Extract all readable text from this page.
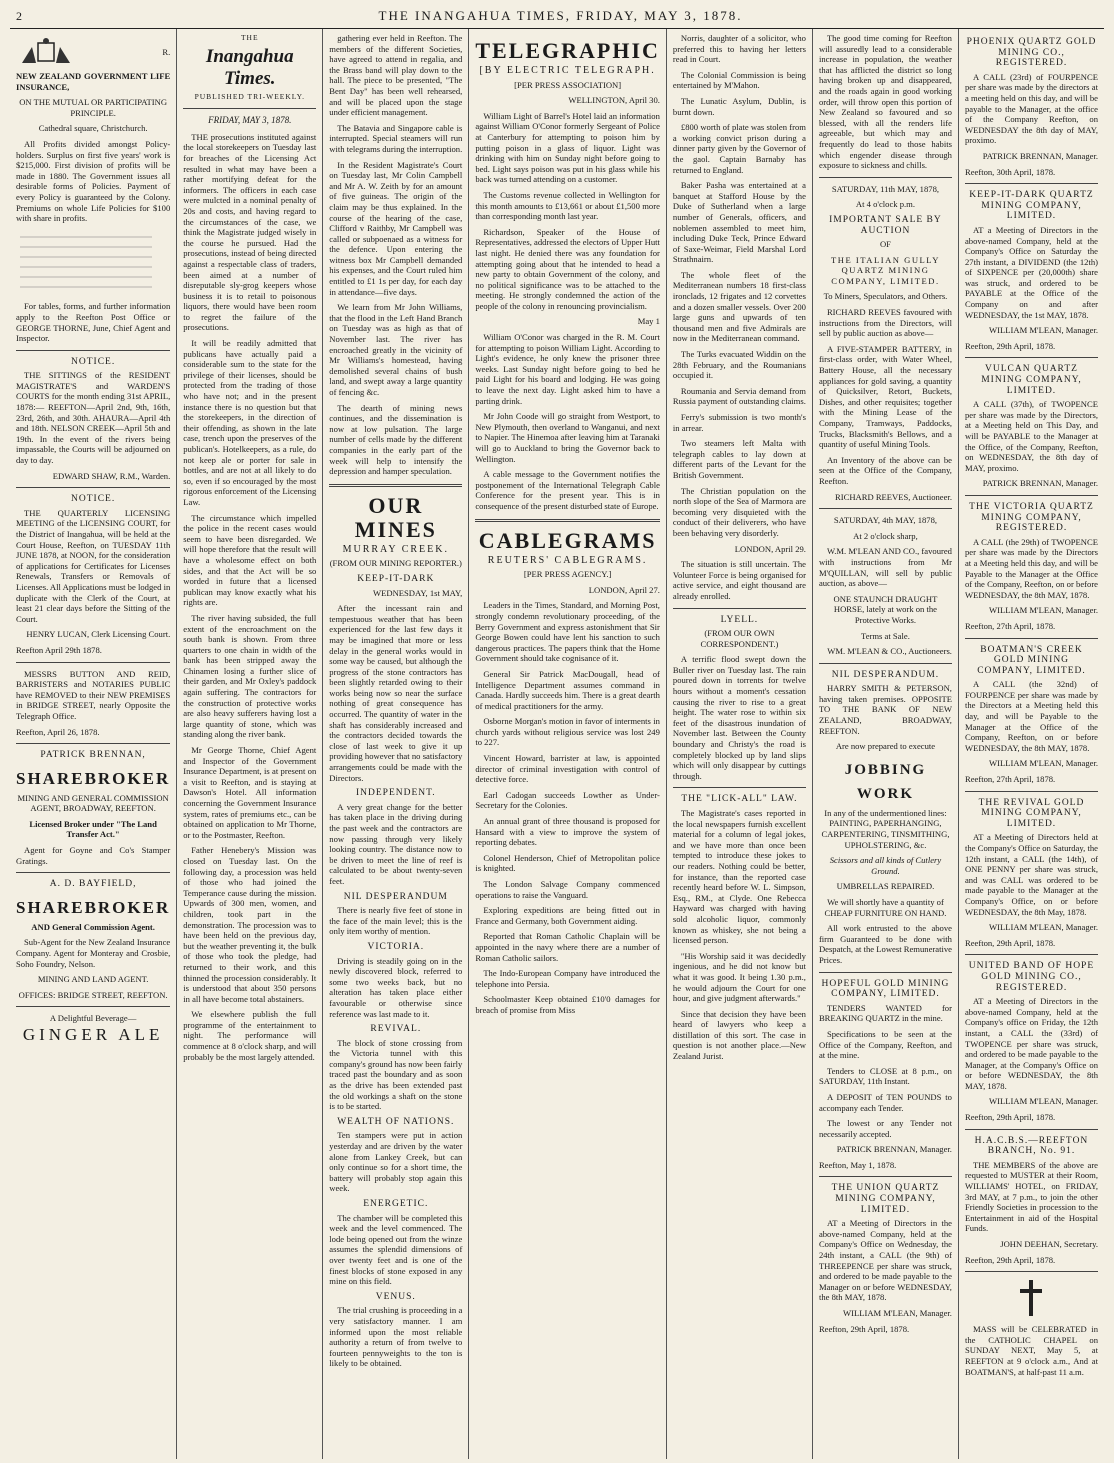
2	THE INANGAHUA TIMES, FRIDAY, MAY 3, 1878.
R.

NEW ZEALAND GOVERNMENT LIFE INSURANCE,

ON THE MUTUAL OR PARTICIPATING PRINCIPLE.

Cathedral square, Christchurch.

All Profits divided amongst Policy-holders. Surplus on first five years' work is $215,000. First division of profits will be made in 1880. The Government issues all desirable forms of Policies. Payment of every Policy is guaranteed by the Colony. Premiums on whole Life Policies for $100 with share in profits.

For tables, forms, and further information apply to the Reefton Post Office or GEORGE THORNE, June, Chief Agent and Inspector.

NOTICE.

THE SITTINGS of the RESIDENT MAGISTRATE'S and WARDEN'S COURTS for the month ending 31st APRIL, 1878:— REEFTON—April 2nd, 9th, 16th, 23rd, 26th, and 30th. AHAURA—April 4th and 18th. NELSON CREEK—April 5th and 19th. In the event of the rivers being impassable, the Courts will be adjourned on day to day.

EDWARD SHAW, R.M., Warden.

NOTICE.

THE QUARTERLY LICENSING MEETING of the LICENSING COURT, for the District of Inangahua, will be held at the Court House, Reefton, on TUESDAY 11th JUNE 1878, at NOON, for the consideration of applications for Certificates for Licenses Renewals, Transfers or Removals of Licenses. All Applications must be lodged in duplicate with the Clerk of the Court, at least 21 clear days before the Sitting of the Court.

HENRY LUCAN, Clerk Licensing Court.

Reefton April 29th 1878.

MESSRS BUTTON AND REID, BARRISTERS and NOTARIES PUBLIC have REMOVED to their NEW PREMISES in BRIDGE STREET, nearly Opposite the Telegraph Office.

Reefton, April 26, 1878.

PATRICK BRENNAN,
SHAREBROKER

MINING AND GENERAL COMMISSION AGENT, BROADWAY, REEFTON.

Licensed Broker under "The Land Transfer Act."

Agent for Goyne and Co's Stamper Gratings.

A. D. BAYFIELD,
SHAREBROKER

AND General Commission Agent.

Sub-Agent for the New Zealand Insurance Company. Agent for Monteray and Crosbie, Soho Foundry, Nelson.

MINING AND LAND AGENT.

OFFICES: BRIDGE STREET, REEFTON.

A Delightful Beverage—

GINGER ALE
THE
Inangahua Times.
PUBLISHED TRI-WEEKLY.
FRIDAY, MAY 3, 1878.

THE prosecutions instituted against the local storekeepers on Tuesday last for breaches of the Licensing Act resulted in what may have been a rather mortifying defeat for the informers. The officers in each case were mulcted in a nominal penalty of 20s and costs, and having regard to the circumstances of the case, we think the Magistrate judged wisely in the course he pursued. Had the prosecutions, instead of being directed against a respectable class of traders, been aimed at a number of disreputable sly-grog keepers whose business it is to retail to poisonous liquors, there would have been room to regret the failure of the prosecutions.

It will be readily admitted that publicans have actually paid a considerable sum to the state for the privilege of their licenses, should be protected from the trading of those who have not; and in the present instance there is no question but that the storekeepers, in the direction of their offending, as shown in the late case, trench upon the preserves of the publican's. Hotelkeepers, as a rule, do not keep ale or porter for sale in bottles, and are not at all likely to do so, even if so encouraged by the most rigorous enforcement of the Licensing Law.

The circumstance which impelled the police in the recent cases would seem to have been disregarded. We will hope therefore that the result will have a wholesome effect on both sides, and that the Act will be so worded in future that a licensed publican may know exactly what his rights are.

The river having subsided, the full extent of the encroachment on the south bank is shown. From three quarters to one chain in width of the bank has been stripped away the Chinamen losing a further slice of their garden, and Mr Oxley's paddock again suffering. The contractors for the construction of protective works are also heavy sufferers having lost a large quantity of stone, which was standing along the river bank.

Mr George Thorne, Chief Agent and Inspector of the Government Insurance Department, is at present on a visit to Reefton, and is staying at Dawson's Hotel. All information concerning the Government Insurance system, rates of premiums etc., can be obtained on application to Mr Thorne, or to the Postmaster, Reefton.

Father Henebery's Mission was closed on Tuesday last. On the following day, a procession was held of those who had joined the Temperance cause during the mission. Upwards of 300 men, women, and children, took part in the demonstration. The procession was to have been held on the previous day, but the weather preventing it, the bulk of those who took the pledge, had returned to their work, and this thinned the procession considerably. It is understood that about 350 persons in all have become total abstainers.

We elsewhere publish the full programme of the entertainment to night. The performance will commence at 8 o'clock sharp, and will probably be the most largely attended.

gathering ever held in Reefton. The members of the different Societies, have agreed to attend in regalia, and the Brass band will play down to the hall. The piece to be presented, "The Bent Day" has been well rehearsed, and will be placed upon the stage under efficient management.

The Batavia and Singapore cable is interrupted. Special steamers will run with telegrams during the interruption.

In the Resident Magistrate's Court on Tuesday last, Mr Colin Campbell and Mr A. W. Zeith by for an amount of five guineas. The origin of the claim may be thus explained. In the course of the hearing of the case, Clifford v Raithby, Mr Campbell was called or subpoenaed as a witness for the defence. Upon entering the witness box Mr Campbell demanded his expenses, and the Court ruled him entitled to £1 1s per day, for each day in attendance—five days.

We learn from Mr John Williams, that the flood in the Left Hand Branch on Tuesday was as high as that of November last. The river has encroached greatly in the vicinity of Mr Williams's homestead, having demolished several chains of bush land, and swept away a large quantity of fencing &c.

The dearth of mining news continues, and the dissemination is now at low pulsation. The large number of cells made by the different companies in the early part of the week will help to intensify the depression and hamper speculation.

OUR MINES
MURRAY CREEK.

(FROM OUR MINING REPORTER.)

KEEP-IT-DARK

WEDNESDAY, 1st MAY,

After the incessant rain and tempestuous weather that has been experienced for the last few days it may be imagined that more or less delay in the general works would in some way be caused, but although the progress of the stone contractors has been slightly retarded owing to their works being now so near the surface nothing of great consequence has occurred. The quantity of water in the shaft has considerably increased and the contractors decided towards the close of last week to give it up providing however that no satisfactory arrangements could be made with the Directors.

INDEPENDENT.

A very great change for the better has taken place in the driving during the past week and the contractors are now passing through very likely looking country. The distance now to be driven to meet the line of reef is calculated to be about twenty-seven feet.

NIL DESPERANDUM

There is nearly five feet of stone in the face of the main level; this is the only item worthy of mention.

VICTORIA.

Driving is steadily going on in the newly discovered block, referred to some two weeks back, but no alteration has taken place either favourable or otherwise since reference was last made to it.

REVIVAL.

The block of stone crossing from the Victoria tunnel with this company's ground has now been fairly traced past the boundary and as soon as the drive has been extended past the old workings a shaft on the stone is to be started.

WEALTH OF NATIONS.

Ten stampers were put in action yesterday and are driven by the water alone from Lankey Creek, but can only continue so for a short time, the battery will probably stop again this week.

ENERGETIC.

The chamber will be completed this week and the level commenced. The lode being opened out from the winze assumes the splendid dimensions of over twenty feet and is one of the finest blocks of stone exposed in any mine on this field.

VENUS.

The trial crushing is proceeding in a very satisfactory manner. I am informed upon the most reliable authority a return of from twelve to fourteen pennyweights to the ton is likely to be obtained.

TELEGRAPHIC
[BY ELECTRIC TELEGRAPH.

[PER PRESS ASSOCIATION]

WELLINGTON, April 30.

William Light of Barrel's Hotel laid an information against William O'Conor formerly Sergeant of Police at Canterbury for attempting to poison him by putting poison in a glass of liquor. Light was drinking with him on Sunday night before going to bed. Light says poison was put in his glass while his back was turned attending on a customer.

The Customs revenue collected in Wellington for this month amounts to £13,661 or about £1,500 more than corresponding month last year.

Richardson, Speaker of the House of Representatives, addressed the electors of Upper Hutt last night. He denied there was any foundation for attempting going about that he intended to head a new party to obtain Government of the colony, and no political significance was to be attached to the meeting. He strongly condemned the action of the people of the colony in renouncing provincialism.

May 1

William O'Conor was charged in the R. M. Court for attempting to poison William Light. According to Light's evidence, he only knew the prisoner three weeks. Last Sunday night before going to bed he paid Light for his board and lodging. He was going to leave the next day. Light asked him to have a parting drink.

Mr John Coode will go straight from Westport, to New Plymouth, then overland to Wanganui, and next to Napier. The Hinemoa after leaving him at Taranaki will go to Auckland to bring the Governor back to Wellington.

A cable message to the Government notifies the postponement of the International Telegraph Cable Conference for the present year. This is in consequence of the present disturbed state of Europe.

CABLEGRAMS
REUTERS' CABLEGRAMS.

[PER PRESS AGENCY.]

LONDON, April 27.

Leaders in the Times, Standard, and Morning Post, strongly condemn revolutionary proceeding, of the Berry Government and express astonishment that Sir George Bowen could have lent his sanction to such dangerous practices. The papers think that the Home Government should take cognisance of it.

General Sir Patrick MacDougall, head of Intelligence Department assumes command in Canada. Hardly succeeds him. There is a great dearth of medical practitioners for the army.

Osborne Morgan's motion in favor of interments in church yards without religious service was lost 249 to 227.

Vincent Howard, barrister at law, is appointed director of criminal investigation with control of detective force.

Earl Cadogan succeeds Lowther as Under-Secretary for the Colonies.

An annual grant of three thousand is proposed for Hansard with a view to improve the system of reporting debates.

Colonel Henderson, Chief of Metropolitan police is knighted.

The London Salvage Company commenced operations to raise the Vanguard.

Exploring expeditions are being fitted out in France and Germany, both Government aiding.

Reported that Roman Catholic Chaplain will be appointed in the navy where there are a number of Roman Catholic sailors.

The Indo-European Company have introduced the telephone into Persia.

Schoolmaster Keep obtained £10'0 damages for breach of promise from Miss

Norris, daughter of a solicitor, who preferred this to having her letters read in Court.

The Colonial Commission is being entertained by M'Mahon.

The Lunatic Asylum, Dublin, is burnt down.

£800 worth of plate was stolen from a working convict prison during a dinner party given by the Governor of the gaol. Captain Barnaby has returned to England.

Baker Pasha was entertained at a banquet at Stafford House by the Duke of Sutherland when a large number of Generals, officers, and noblemen assembled to meet him, including Duke Teck, Prince Edward of Saxe-Weimar, Field Marshal Lord Strathnairn.

The whole fleet of the Mediterranean numbers 18 first-class ironclads, 12 frigates and 12 corvettes and a dozen smaller vessels. Over 200 large guns and upwards of ten thousand men and five Admirals are now in the Mediterranean command.

The Turks evacuated Widdin on the 28th February, and the Roumanians occupied it.

Roumania and Servia demand from Russia payment of outstanding claims.

Ferry's submission is two month's in arrear.

Two steamers left Malta with telegraph cables to lay down at different parts of the Levant for the British Government.

The Christian population on the north slope of the Sea of Marmora are becoming very disquieted with the conduct of their deliverers, who have been behaving very disorderly.

LONDON, April 29.

The situation is still uncertain. The Volunteer Force is being organised for active service, and eight thousand are already enrolled.

LYELL.

(FROM OUR OWN CORRESPONDENT.)

A terrific flood swept down the Buller river on Tuesday last. The rain poured down in torrents for twelve hours without a moment's cessation causing the river to rise to a great height. The water rose to within six feet of the disastrous inundation of November last. Between the County boundary and Christy's the road is completely blocked up by land slips which will only disappear by cuttings through.

THE "LICK-ALL" LAW.

The Magistrate's cases reported in the local newspapers furnish excellent material for a column of legal jokes, and we have more than once been tempted to introduce these jokes to our readers. Nothing could be better, for instance, than the reported case recently heard before W. L. Simpson, Esq., RM., at Clyde. One Rebecca Hayward was charged with having sold alcoholic liquor, commonly known as whiskey, she not being a licensed person.

"His Worship said it was decidedly ingenious, and he did not know but what it was good. It being 1.30 p.m., he would adjourn the Court for one hour, and give judgment afterwards."

Since that decision they have been heard of lawyers who keep a distillation of this sort. The case in question is not another place.—New Zealand Jurist.

The good time coming for Reefton will assuredly lead to a considerable increase in population, the weather that has afflicted the district so long having broken up and disappeared, and the roads again in good working order, will throw open this portion of New Zealand so favoured and so blessed, with all the renders life agreeable, but which may and frequently do lead to those habits which engender disease through exposure to sickness and chills.

SATURDAY, 11th MAY, 1878,

At 4 o'clock p.m.

IMPORTANT SALE BY AUCTION

OF

THE ITALIAN GULLY QUARTZ MINING COMPANY, LIMITED.

To Miners, Speculators, and Others.

RICHARD REEVES favoured with instructions from the Directors, will sell by public auction as above—

A FIVE-STAMPER BATTERY, in first-class order, with Water Wheel, Battery House, all the necessary appliances for gold saving, a quantity of Quicksilver, Retort, Buckets, Dishes, and other requisites; together with the Mining Lease of the Company, Tramways, Paddocks, Trucks, Blacksmith's Bellows, and a quantity of useful Mining Tools.

An Inventory of the above can be seen at the Office of the Company, Reefton.

RICHARD REEVES, Auctioneer.

SATURDAY, 4th MAY, 1878,

At 2 o'clock sharp,

W.M. M'LEAN AND CO., favoured with instructions from Mr M'QUILLAN, will sell by public auction, as above—

ONE STAUNCH DRAUGHT HORSE, lately at work on the Protective Works.

Terms at Sale.

WM. M'LEAN & CO., Auctioneers.

NIL DESPERANDUM.

HARRY SMITH & PETERSON, having taken premises. OPPOSITE TO THE BANK OF NEW ZEALAND, BROADWAY, REEFTON.

Are now prepared to execute

JOBBING WORK

In any of the undermentioned lines: PAINTING, PAPERHANGING, CARPENTERING, TINSMITHING, UPHOLSTERING, &c.

Scissors and all kinds of Cutlery Ground.

UMBRELLAS REPAIRED.

We will shortly have a quantity of CHEAP FURNITURE ON HAND.

All work entrusted to the above firm Guaranteed to be done with Despatch, at the Lowest Remunerative Prices.

HOPEFUL GOLD MINING COMPANY, LIMITED.

TENDERS WANTED for BREAKING QUARTZ in the mine.

Specifications to be seen at the Office of the Company, Reefton, and at the mine.

Tenders to CLOSE at 8 p.m., on SATURDAY, 11th Instant.

A DEPOSIT of TEN POUNDS to accompany each Tender.

The lowest or any Tender not necessarily accepted.

PATRICK BRENNAN, Manager.

Reefton, May 1, 1878.

THE UNION QUARTZ MINING COMPANY, LIMITED.

AT a Meeting of Directors in the above-named Company, held at the Company's Office on Wednesday, the 24th instant, a CALL (the 9th) of THREEPENCE per share was struck, and ordered to be made payable to the Manager on or before WEDNESDAY, the 8th MAY, 1878.

WILLIAM M'LEAN, Manager.

Reefton, 29th April, 1878.

PHOENIX QUARTZ GOLD MINING CO., REGISTERED.

A CALL (23rd) of FOURPENCE per share was made by the directors at a meeting held on this day, and will be payable to the Manager, at the office of the Company Reefton, on WEDNESDAY the 8th day of MAY, proximo.

PATRICK BRENNAN, Manager.

Reefton, 30th April, 1878.

KEEP-IT-DARK QUARTZ MINING COMPANY, LIMITED.

AT a Meeting of Directors in the above-named Company, held at the Company's Office on Saturday the 27th instant, a DIVIDEND (the 12th) of SIXPENCE per (20,000th) share was struck, and ordered to be PAYABLE at the Office of the Company on and after WEDNESDAY, the 1st MAY, 1878.

WILLIAM M'LEAN, Manager.

Reefton, 29th April, 1878.

VULCAN QUARTZ MINING COMPANY, LIMITED.

A CALL (37th), of TWOPENCE per share was made by the Directors, at a Meeting held on This Day, and will be PAYABLE to the Manager at the Office, of the Company, Reefton, on WEDNESDAY, the 8th day of MAY, proximo.

PATRICK BRENNAN, Manager.

THE VICTORIA QUARTZ MINING COMPANY, REGISTERED.

A CALL (the 29th) of TWOPENCE per share was made by the Directors at a Meeting held this day, and will be Payable to the Manager at the Office of the Company, Reefton, on or before WEDNESDAY, the 8th MAY, 1878.

WILLIAM M'LEAN, Manager.

Reefton, 27th April, 1878.

BOATMAN'S CREEK GOLD MINING COMPANY, LIMITED.

A CALL (the 32nd) of FOURPENCE per share was made by the Directors at a Meeting held this day, and will be Payable to the Manager at the Office of the Company, Reefton, on or before WEDNESDAY, the 8th MAY, 1878.

WILLIAM M'LEAN, Manager.

Reefton, 27th April, 1878.

THE REVIVAL GOLD MINING COMPANY, LIMITED.

AT a Meeting of Directors held at the Company's Office on Saturday, the 12th instant, a CALL (the 14th), of ONE PENNY per share was struck, and was CALL was ordered to be made payable to the Manager at the Company's Office, on or before WEDNESDAY, the 8th May, 1878.

WILLIAM M'LEAN, Manager.

Reefton, 29th April, 1878.

UNITED BAND OF HOPE GOLD MINING CO., REGISTERED.

AT a Meeting of Directors in the above-named Company, held at the Company's office on Friday, the 12th instant, a CALL the (33rd) of TWOPENCE per share was struck, and ordered to be made payable to the Manager, at the Company's Office on or before WEDNESDAY, the 8th MAY, 1878.

WILLIAM M'LEAN, Manager.

Reefton, 29th April, 1878.

H.A.C.B.S.—REEFTON BRANCH, No. 91.

THE MEMBERS of the above are requested to MUSTER at their Room, WILLIAMS' HOTEL, on FRIDAY, 3rd MAY, at 7 p.m., to join the other Friendly Societies in procession to the Entertainment in aid of the Hospital Funds.

JOHN DEEHAN, Secretary.

Reefton, 29th April, 1878.

MASS will be CELEBRATED in the CATHOLIC CHAPEL on SUNDAY NEXT, May 5, at REEFTON at 9 o'clock a.m., And at BOATMAN'S, at half-past 11 a.m.
